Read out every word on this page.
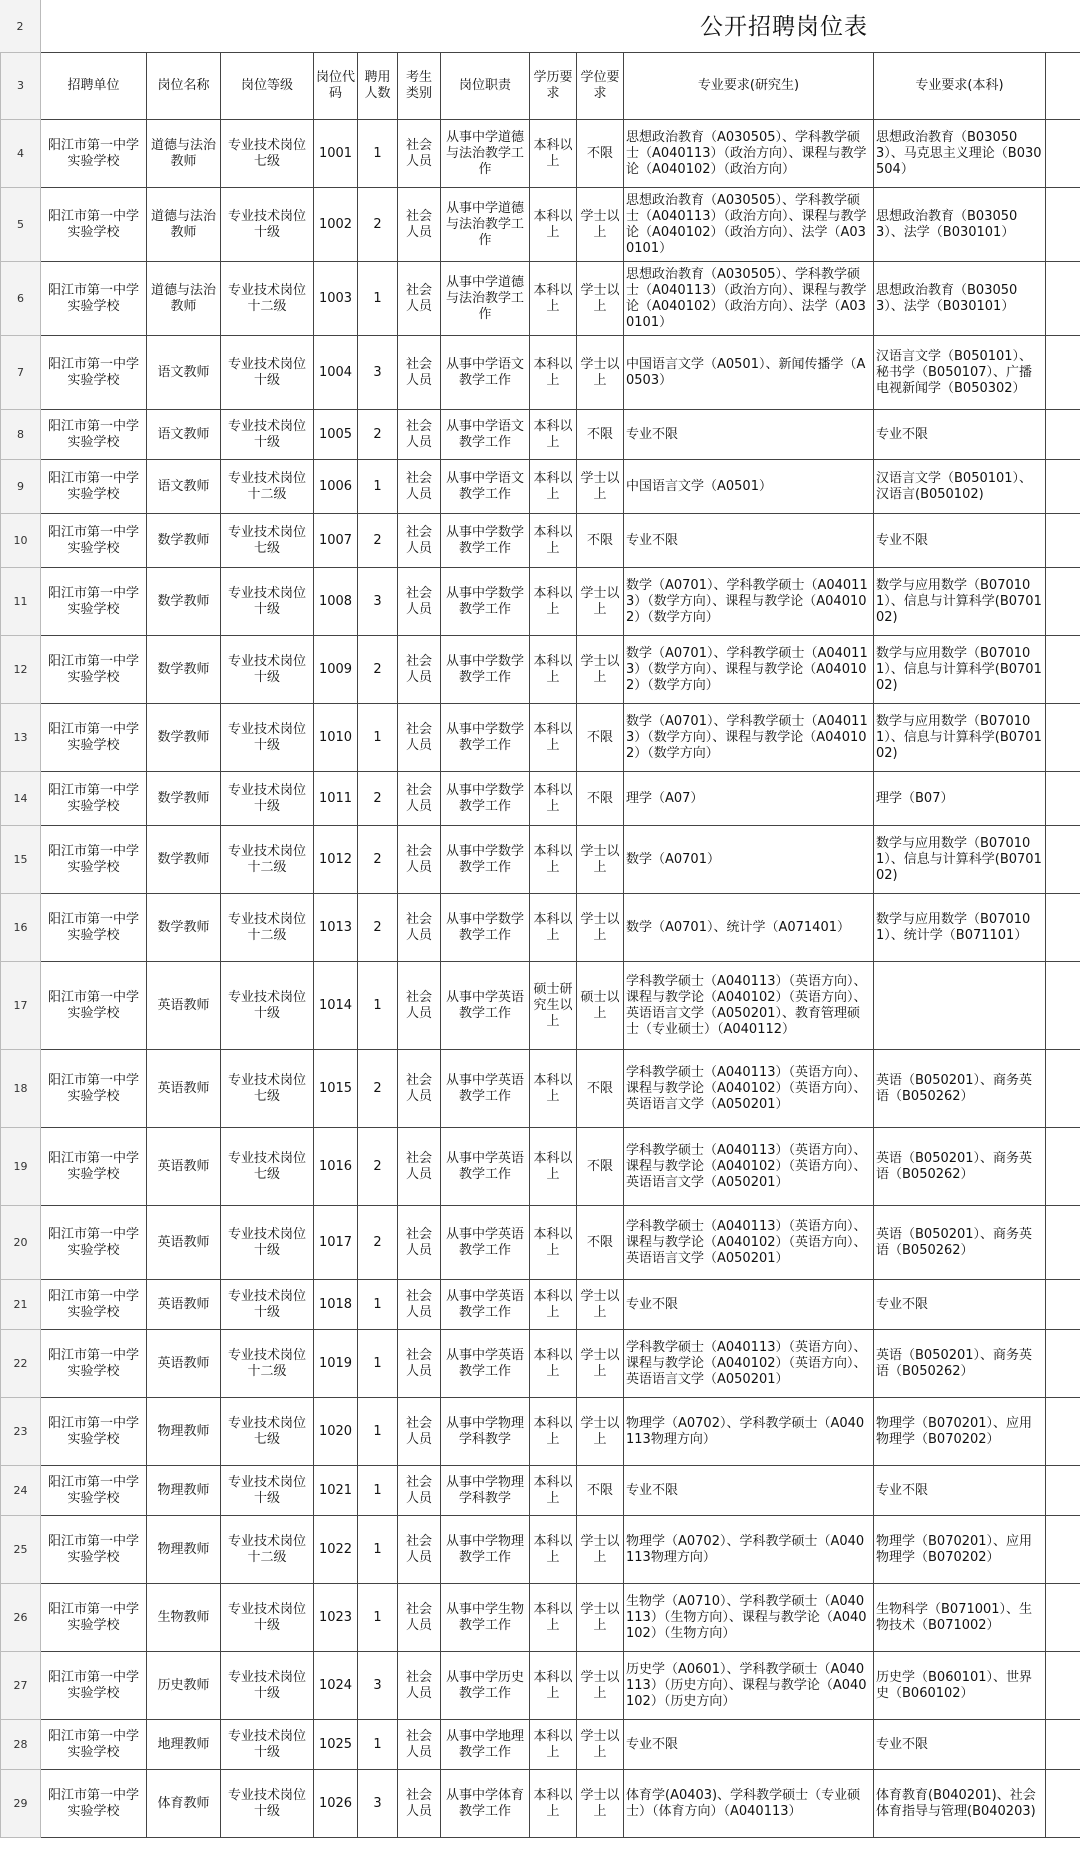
2	公开招聘岗位表
3	招聘单位	岗位名称	岗位等级	岗位代码	聘用人数	考生类别	岗位职责	学历要求	学位要求	专业要求(研究生)	专业要求(本科)	
4	阳江市第一中学实验学校	道德与法治教师	专业技术岗位七级	1001	1	社会人员	从事中学道德与法治教学工作	本科以上	不限	思想政治教育（A030505）、学科教学硕士（A040113）（政治方向）、课程与教学论（A040102）（政治方向）	思想政治教育（B030503）、马克思主义理论（B030504）	
5	阳江市第一中学实验学校	道德与法治教师	专业技术岗位十级	1002	2	社会人员	从事中学道德与法治教学工作	本科以上	学士以上	思想政治教育（A030505）、学科教学硕士（A040113）（政治方向）、课程与教学论（A040102）（政治方向）、法学（A030101）	思想政治教育（B030503）、法学（B030101）	
6	阳江市第一中学实验学校	道德与法治教师	专业技术岗位十二级	1003	1	社会人员	从事中学道德与法治教学工作	本科以上	学士以上	思想政治教育（A030505）、学科教学硕士（A040113）（政治方向）、课程与教学论（A040102）（政治方向）、法学（A030101）	思想政治教育（B030503）、法学（B030101）	
7	阳江市第一中学实验学校	语文教师	专业技术岗位十级	1004	3	社会人员	从事中学语文教学工作	本科以上	学士以上	中国语言文学（A0501）、新闻传播学（A0503）	汉语言文学（B050101）、秘书学（B050107）、广播电视新闻学（B050302）	
8	阳江市第一中学实验学校	语文教师	专业技术岗位十级	1005	2	社会人员	从事中学语文教学工作	本科以上	不限	专业不限	专业不限	
9	阳江市第一中学实验学校	语文教师	专业技术岗位十二级	1006	1	社会人员	从事中学语文教学工作	本科以上	学士以上	中国语言文学（A0501）	汉语言文学（B050101）、汉语言(B050102)	
10	阳江市第一中学实验学校	数学教师	专业技术岗位七级	1007	2	社会人员	从事中学数学教学工作	本科以上	不限	专业不限	专业不限	
11	阳江市第一中学实验学校	数学教师	专业技术岗位十级	1008	3	社会人员	从事中学数学教学工作	本科以上	学士以上	数学（A0701）、学科教学硕士（A040113）（数学方向）、课程与教学论（A040102）（数学方向）	数学与应用数学（B070101）、信息与计算科学(B070102)	
12	阳江市第一中学实验学校	数学教师	专业技术岗位十级	1009	2	社会人员	从事中学数学教学工作	本科以上	学士以上	数学（A0701）、学科教学硕士（A040113）（数学方向）、课程与教学论（A040102）（数学方向）	数学与应用数学（B070101）、信息与计算科学(B070102)	
13	阳江市第一中学实验学校	数学教师	专业技术岗位十级	1010	1	社会人员	从事中学数学教学工作	本科以上	不限	数学（A0701）、学科教学硕士（A040113）（数学方向）、课程与教学论（A040102）（数学方向）	数学与应用数学（B070101）、信息与计算科学(B070102)	
14	阳江市第一中学实验学校	数学教师	专业技术岗位十级	1011	2	社会人员	从事中学数学教学工作	本科以上	不限	理学（A07）	理学（B07）	
15	阳江市第一中学实验学校	数学教师	专业技术岗位十二级	1012	2	社会人员	从事中学数学教学工作	本科以上	学士以上	数学（A0701）	数学与应用数学（B070101）、信息与计算科学(B070102)	
16	阳江市第一中学实验学校	数学教师	专业技术岗位十二级	1013	2	社会人员	从事中学数学教学工作	本科以上	学士以上	数学（A0701）、统计学（A071401）	数学与应用数学（B070101）、统计学（B071101）	
17	阳江市第一中学实验学校	英语教师	专业技术岗位十级	1014	1	社会人员	从事中学英语教学工作	硕士研究生以上	硕士以上	学科教学硕士（A040113）（英语方向）、课程与教学论（A040102）（英语方向）、英语语言文学（A050201）、教育管理硕士（专业硕士）（A040112）		
18	阳江市第一中学实验学校	英语教师	专业技术岗位七级	1015	2	社会人员	从事中学英语教学工作	本科以上	不限	学科教学硕士（A040113）（英语方向）、课程与教学论（A040102）（英语方向）、英语语言文学（A050201）	英语（B050201）、商务英语（B050262）	
19	阳江市第一中学实验学校	英语教师	专业技术岗位七级	1016	2	社会人员	从事中学英语教学工作	本科以上	不限	学科教学硕士（A040113）（英语方向）、课程与教学论（A040102）（英语方向）、英语语言文学（A050201）	英语（B050201）、商务英语（B050262）	
20	阳江市第一中学实验学校	英语教师	专业技术岗位十级	1017	2	社会人员	从事中学英语教学工作	本科以上	不限	学科教学硕士（A040113）（英语方向）、课程与教学论（A040102）（英语方向）、英语语言文学（A050201）	英语（B050201）、商务英语（B050262）	
21	阳江市第一中学实验学校	英语教师	专业技术岗位十级	1018	1	社会人员	从事中学英语教学工作	本科以上	学士以上	专业不限	专业不限	
22	阳江市第一中学实验学校	英语教师	专业技术岗位十二级	1019	1	社会人员	从事中学英语教学工作	本科以上	学士以上	学科教学硕士（A040113）（英语方向）、课程与教学论（A040102）（英语方向）、英语语言文学（A050201）	英语（B050201）、商务英语（B050262）	
23	阳江市第一中学实验学校	物理教师	专业技术岗位七级	1020	1	社会人员	从事中学物理学科教学	本科以上	学士以上	物理学（A0702）、学科教学硕士（A040113物理方向）	物理学（B070201）、应用物理学（B070202）	
24	阳江市第一中学实验学校	物理教师	专业技术岗位十级	1021	1	社会人员	从事中学物理学科教学	本科以上	不限	专业不限	专业不限	
25	阳江市第一中学实验学校	物理教师	专业技术岗位十二级	1022	1	社会人员	从事中学物理教学工作	本科以上	学士以上	物理学（A0702）、学科教学硕士（A040113物理方向）	物理学（B070201）、应用物理学（B070202）	
26	阳江市第一中学实验学校	生物教师	专业技术岗位十级	1023	1	社会人员	从事中学生物教学工作	本科以上	学士以上	生物学（A0710）、学科教学硕士（A040113）（生物方向）、课程与教学论（A040102）（生物方向）	生物科学（B071001）、生物技术（B071002）	
27	阳江市第一中学实验学校	历史教师	专业技术岗位十级	1024	3	社会人员	从事中学历史教学工作	本科以上	学士以上	历史学（A0601）、学科教学硕士（A040113）（历史方向）、课程与教学论（A040102）（历史方向）	历史学（B060101）、世界史（B060102）	
28	阳江市第一中学实验学校	地理教师	专业技术岗位十级	1025	1	社会人员	从事中学地理教学工作	本科以上	学士以上	专业不限	专业不限	
29	阳江市第一中学实验学校	体育教师	专业技术岗位十级	1026	3	社会人员	从事中学体育教学工作	本科以上	学士以上	体育学(A0403)、学科教学硕士（专业硕士）（体育方向）（A040113）	体育教育(B040201)、社会体育指导与管理(B040203)	
